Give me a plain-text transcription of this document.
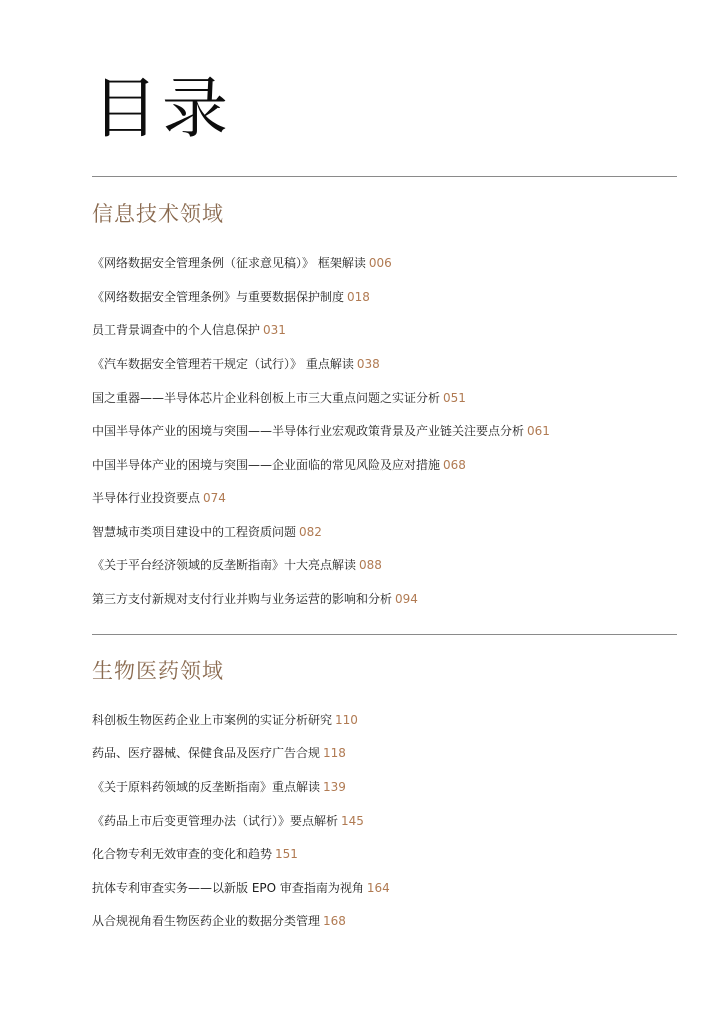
目录
信息技术领域
《网络数据安全管理条例（征求意见稿）》 框架解读 006
《网络数据安全管理条例》与重要数据保护制度 018
员工背景调查中的个人信息保护 031
《汽车数据安全管理若干规定（试行）》 重点解读 038
国之重器——半导体芯片企业科创板上市三大重点问题之实证分析 051
中国半导体产业的困境与突围——半导体行业宏观政策背景及产业链关注要点分析 061
中国半导体产业的困境与突围——企业面临的常见风险及应对措施 068
半导体行业投资要点 074
智慧城市类项目建设中的工程资质问题 082
《关于平台经济领域的反垄断指南》十大亮点解读 088
第三方支付新规对支付行业并购与业务运营的影响和分析 094
生物医药领域
科创板生物医药企业上市案例的实证分析研究 110
药品、医疗器械、保健食品及医疗广告合规 118
《关于原料药领域的反垄断指南》重点解读 139
《药品上市后变更管理办法（试行）》要点解析 145
化合物专利无效审查的变化和趋势 151
抗体专利审查实务——以新版 EPO 审查指南为视角 164
从合规视角看生物医药企业的数据分类管理 168
